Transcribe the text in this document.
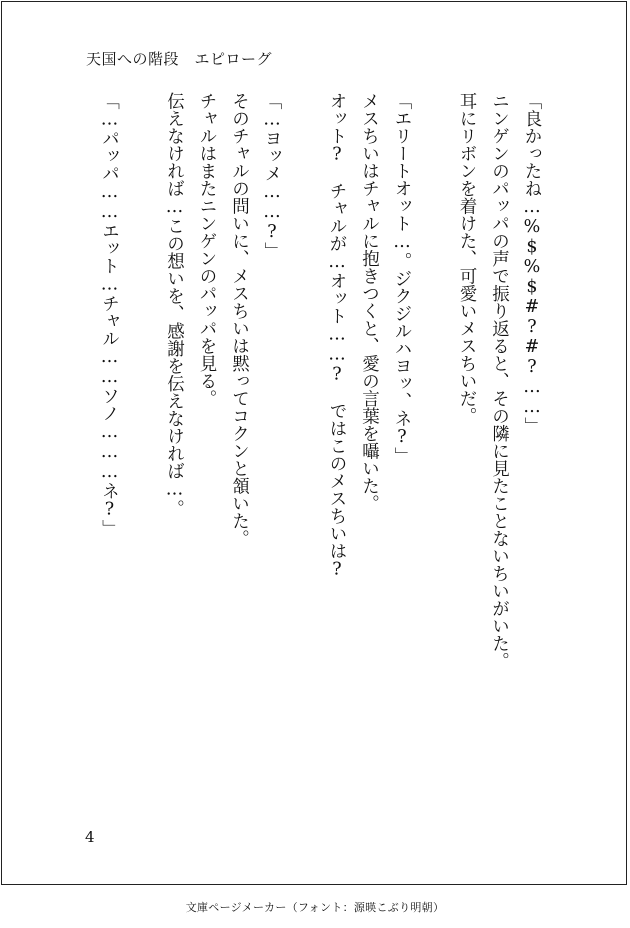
天国への階段　エピローグ
「良かったね…%$%$#?#?……」
ニンゲンのパッパの声で振り返ると、その隣に見たことないちいがいた。
耳にリボンを着けた、可愛いメスちいだ。
「エリートオット…。ジクジルハヨッ、ネ?」
メスちいはチャルに抱きつくと、愛の言葉を囁いた。
オット?　チャルが…オット……?　ではこのメスちいは?
「…ヨッメ……?」
そのチャルの問いに、メスちいは黙ってコクンと頷いた。
チャルはまたニンゲンのパッパを見る。
伝えなければ…この想いを、感謝を伝えなければ…。
「…パッパ……エット…チャル……ソノ………ネ?」
4
文庫ページメーカー（フォント：源暎こぶり明朝）
